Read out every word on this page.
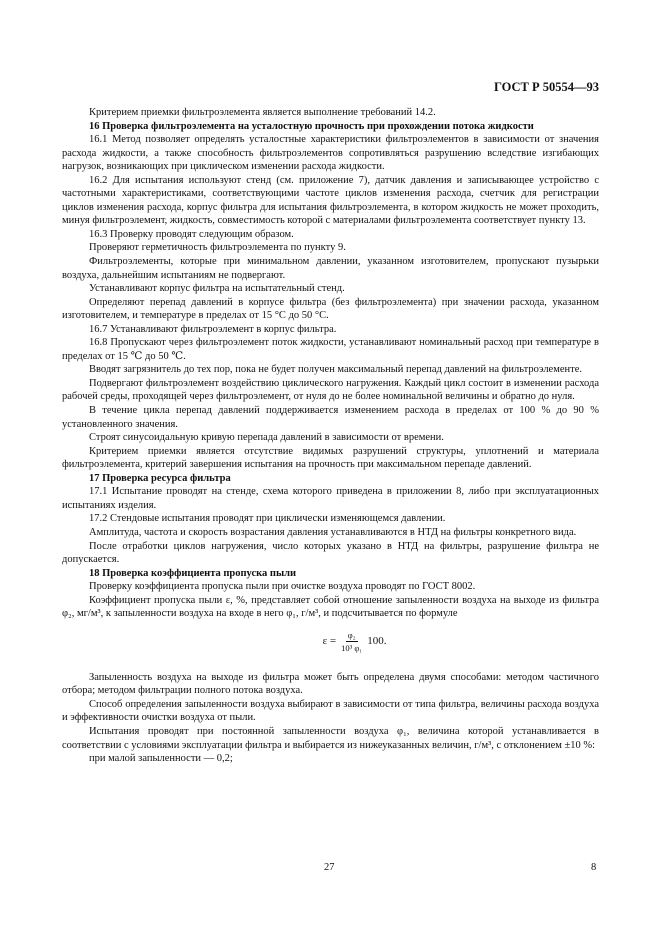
ГОСТ Р 50554—93

Критерием приемки фильтроэлемента является выполнение требований 14.2.

16 Проверка фильтроэлемента на усталостную прочность при прохождении потока жидкости

16.1 Метод позволяет определять усталостные характеристики фильтроэлементов в зависимости от значения расхода жидкости, а также способность фильтроэлементов сопротивляться разрушению вследствие изгибающих нагрузок, возникающих при циклическом изменении расхода жидкости.

16.2 Для испытания используют стенд (см. приложение 7), датчик давления и записывающее устройство с частотными характеристиками, соответствующими частоте циклов изменения расхода, счетчик для регистрации циклов изменения расхода, корпус фильтра для испытания фильтроэлемента, в котором жидкость не может проходить, минуя фильтроэлемент, жидкость, совместимость которой с материалами фильтроэлемента соответствует пункту 13.

16.3 Проверку проводят следующим образом.

Проверяют герметичность фильтроэлемента по пункту 9.

Фильтроэлементы, которые при минимальном давлении, указанном изготовителем, пропускают пузырьки воздуха, дальнейшим испытаниям не подвергают.

Устанавливают корпус фильтра на испытательный стенд.

Определяют перепад давлений в корпусе фильтра (без фильтроэлемента) при значении расхода, указанном изготовителем, и температуре в пределах от 15 °С до 50 °С.

16.7 Устанавливают фильтроэлемент в корпус фильтра.

16.8 Пропускают через фильтроэлемент поток жидкости, устанавливают номинальный расход при температуре в пределах от 15 ℃ до 50 ℃.

Вводят загрязнитель до тех пор, пока не будет получен максимальный перепад давлений на фильтроэлементе.

Подвергают фильтроэлемент воздействию циклического нагружения. Каждый цикл состоит в изменении расхода рабочей среды, проходящей через фильтроэлемент, от нуля до не более номинальной величины и обратно до нуля.

В течение цикла перепад давлений поддерживается изменением расхода в пределах от 100 % до 90 % установленного значения.

Строят синусоидальную кривую перепада давлений в зависимости от времени.

Критерием приемки является отсутствие видимых разрушений структуры, уплотнений и материала фильтроэлемента, критерий завершения испытания на прочность при максимальном перепаде давлений.

17 Проверка ресурса фильтра

17.1 Испытание проводят на стенде, схема которого приведена в приложении 8, либо при эксплуатационных испытаниях изделия.

17.2 Стендовые испытания проводят при циклически изменяющемся давлении.

Амплитуда, частота и скорость возрастания давления устанавливаются в НТД на фильтры конкретного вида.

После отработки циклов нагружения, число которых указано в НТД на фильтры, разрушение фильтра не допускается.

18 Проверка коэффициента пропуска пыли

Проверку коэффициента пропуска пыли при очистке воздуха проводят по ГОСТ 8002.

Коэффициент пропуска пыли ε, %, представляет собой отношение запыленности воздуха на выходе из фильтра φ₂, мг/м³, к запыленности воздуха на входе в него φ₁, г/м³, и подсчитывается по формуле

$\varepsilon = \frac{\text{φ₂}}{\text{10³ φ₁}} 100$.

Запыленность воздуха на выходе из фильтра может быть определена двумя способами: методом частичного отбора; методом фильтрации полного потока воздуха.

Способ определения запыленности воздуха выбирают в зависимости от типа фильтра, величины расхода воздуха и эффективности очистки воздуха от пыли.

Испытания проводят при постоянной запыленности воздуха φ₁, величина которой устанавливается в соответствии с условиями эксплуатации фильтра и выбирается из нижеуказанных величин, г/м³, с отклонением ±10 %:

при малой запыленности — 0,2;

27	8
